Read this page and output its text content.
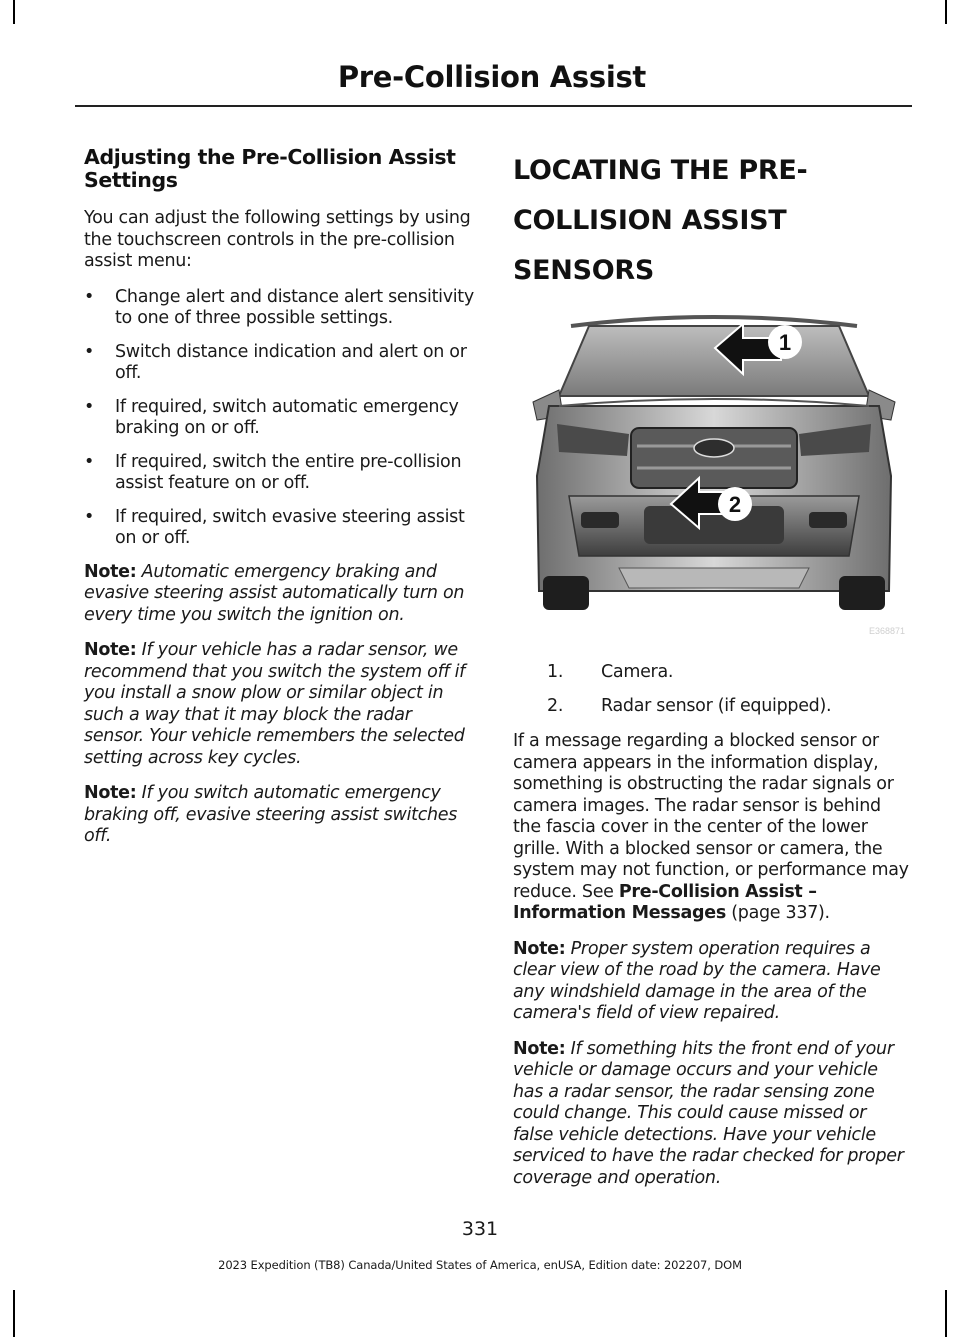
Pre-Collision Assist
Adjusting the Pre-Collision Assist Settings

You can adjust the following settings by using the touchscreen controls in the pre-collision assist menu:

• Change alert and distance alert sensitivity to one of three possible settings.
• Switch distance indication and alert on or off.
• If required, switch automatic emergency braking on or off.
• If required, switch the entire pre-collision assist feature on or off.
• If required, switch evasive steering assist on or off.

Note: Automatic emergency braking and evasive steering assist automatically turn on every time you switch the ignition on.

Note: If your vehicle has a radar sensor, we recommend that you switch the system off if you install a snow plow or similar object in such a way that it may block the radar sensor. Your vehicle remembers the selected setting across key cycles.

Note: If you switch automatic emergency braking off, evasive steering assist switches off.

LOCATING THE PRE-
COLLISION ASSIST SENSORS
1
2
E368871
1.	Camera.
2.	Radar sensor (if equipped).

If a message regarding a blocked sensor or camera appears in the information display, something is obstructing the radar signals or camera images. The radar sensor is behind the fascia cover in the center of the lower grille. With a blocked sensor or camera, the system may not function, or performance may reduce. See Pre-Collision Assist – Information Messages (page 337).

Note: Proper system operation requires a clear view of the road by the camera. Have any windshield damage in the area of the camera's field of view repaired.

Note: If something hits the front end of your vehicle or damage occurs and your vehicle has a radar sensor, the radar sensing zone could change. This could cause missed or false vehicle detections. Have your vehicle serviced to have the radar checked for proper coverage and operation.

331
2023 Expedition (TB8) Canada/United States of America, enUSA, Edition date: 202207, DOM
